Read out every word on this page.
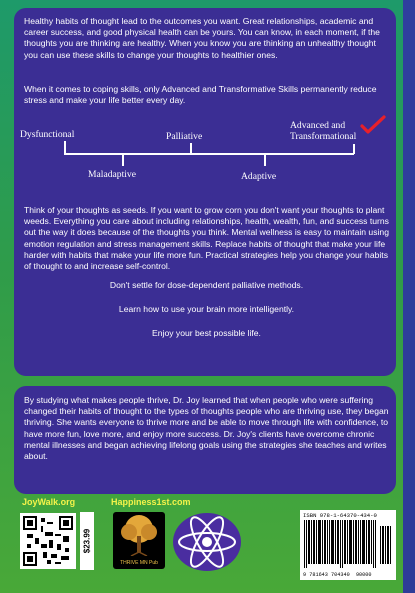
Healthy habits of thought lead to the outcomes you want. Great relationships, academic and career success, and good physical health can be yours. You can know, in each moment, if the thoughts you are thinking are healthy. When you know you are thinking an unhealthy thought you can use these skills to change your thoughts to healthier ones.

When it comes to coping skills, only Advanced and Transformative Skills permanently reduce stress and make your life better every day.

Dysfunctional
Maladaptive
Palliative
Adaptive
Advanced and
Transformational

Think of your thoughts as seeds. If you want to grow corn you don't want your thoughts to plant weeds. Everything you care about including relationships, health, wealth, fun, and success turns out the way it does because of the thoughts you think. Mental wellness is easy to maintain using emotion regulation and stress management skills. Replace habits of thought that make your life harder with habits that make your life more fun. Practical strategies help you change your habits of thought to and increase self-control.

Don't settle for dose-dependent palliative methods.

Learn how to use your brain more intelligently.

Enjoy your best possible life.

By studying what makes people thrive, Dr. Joy learned that when people who were suffering changed their habits of thought to the types of thoughts people who are thriving use, they began thriving. She wants everyone to thrive more and be able to move through life with confidence, to have more fun, love more, and enjoy more success. Dr. Joy's clients have overcome chronic mental illnesses and began achieving lifelong goals using the strategies she teaches and writes about.

JoyWalk.org	Happiness1st.com
$23.99
THRIVE MN Pub
ISBN 978-1-64370-434-0
9 781643 704340 90000
